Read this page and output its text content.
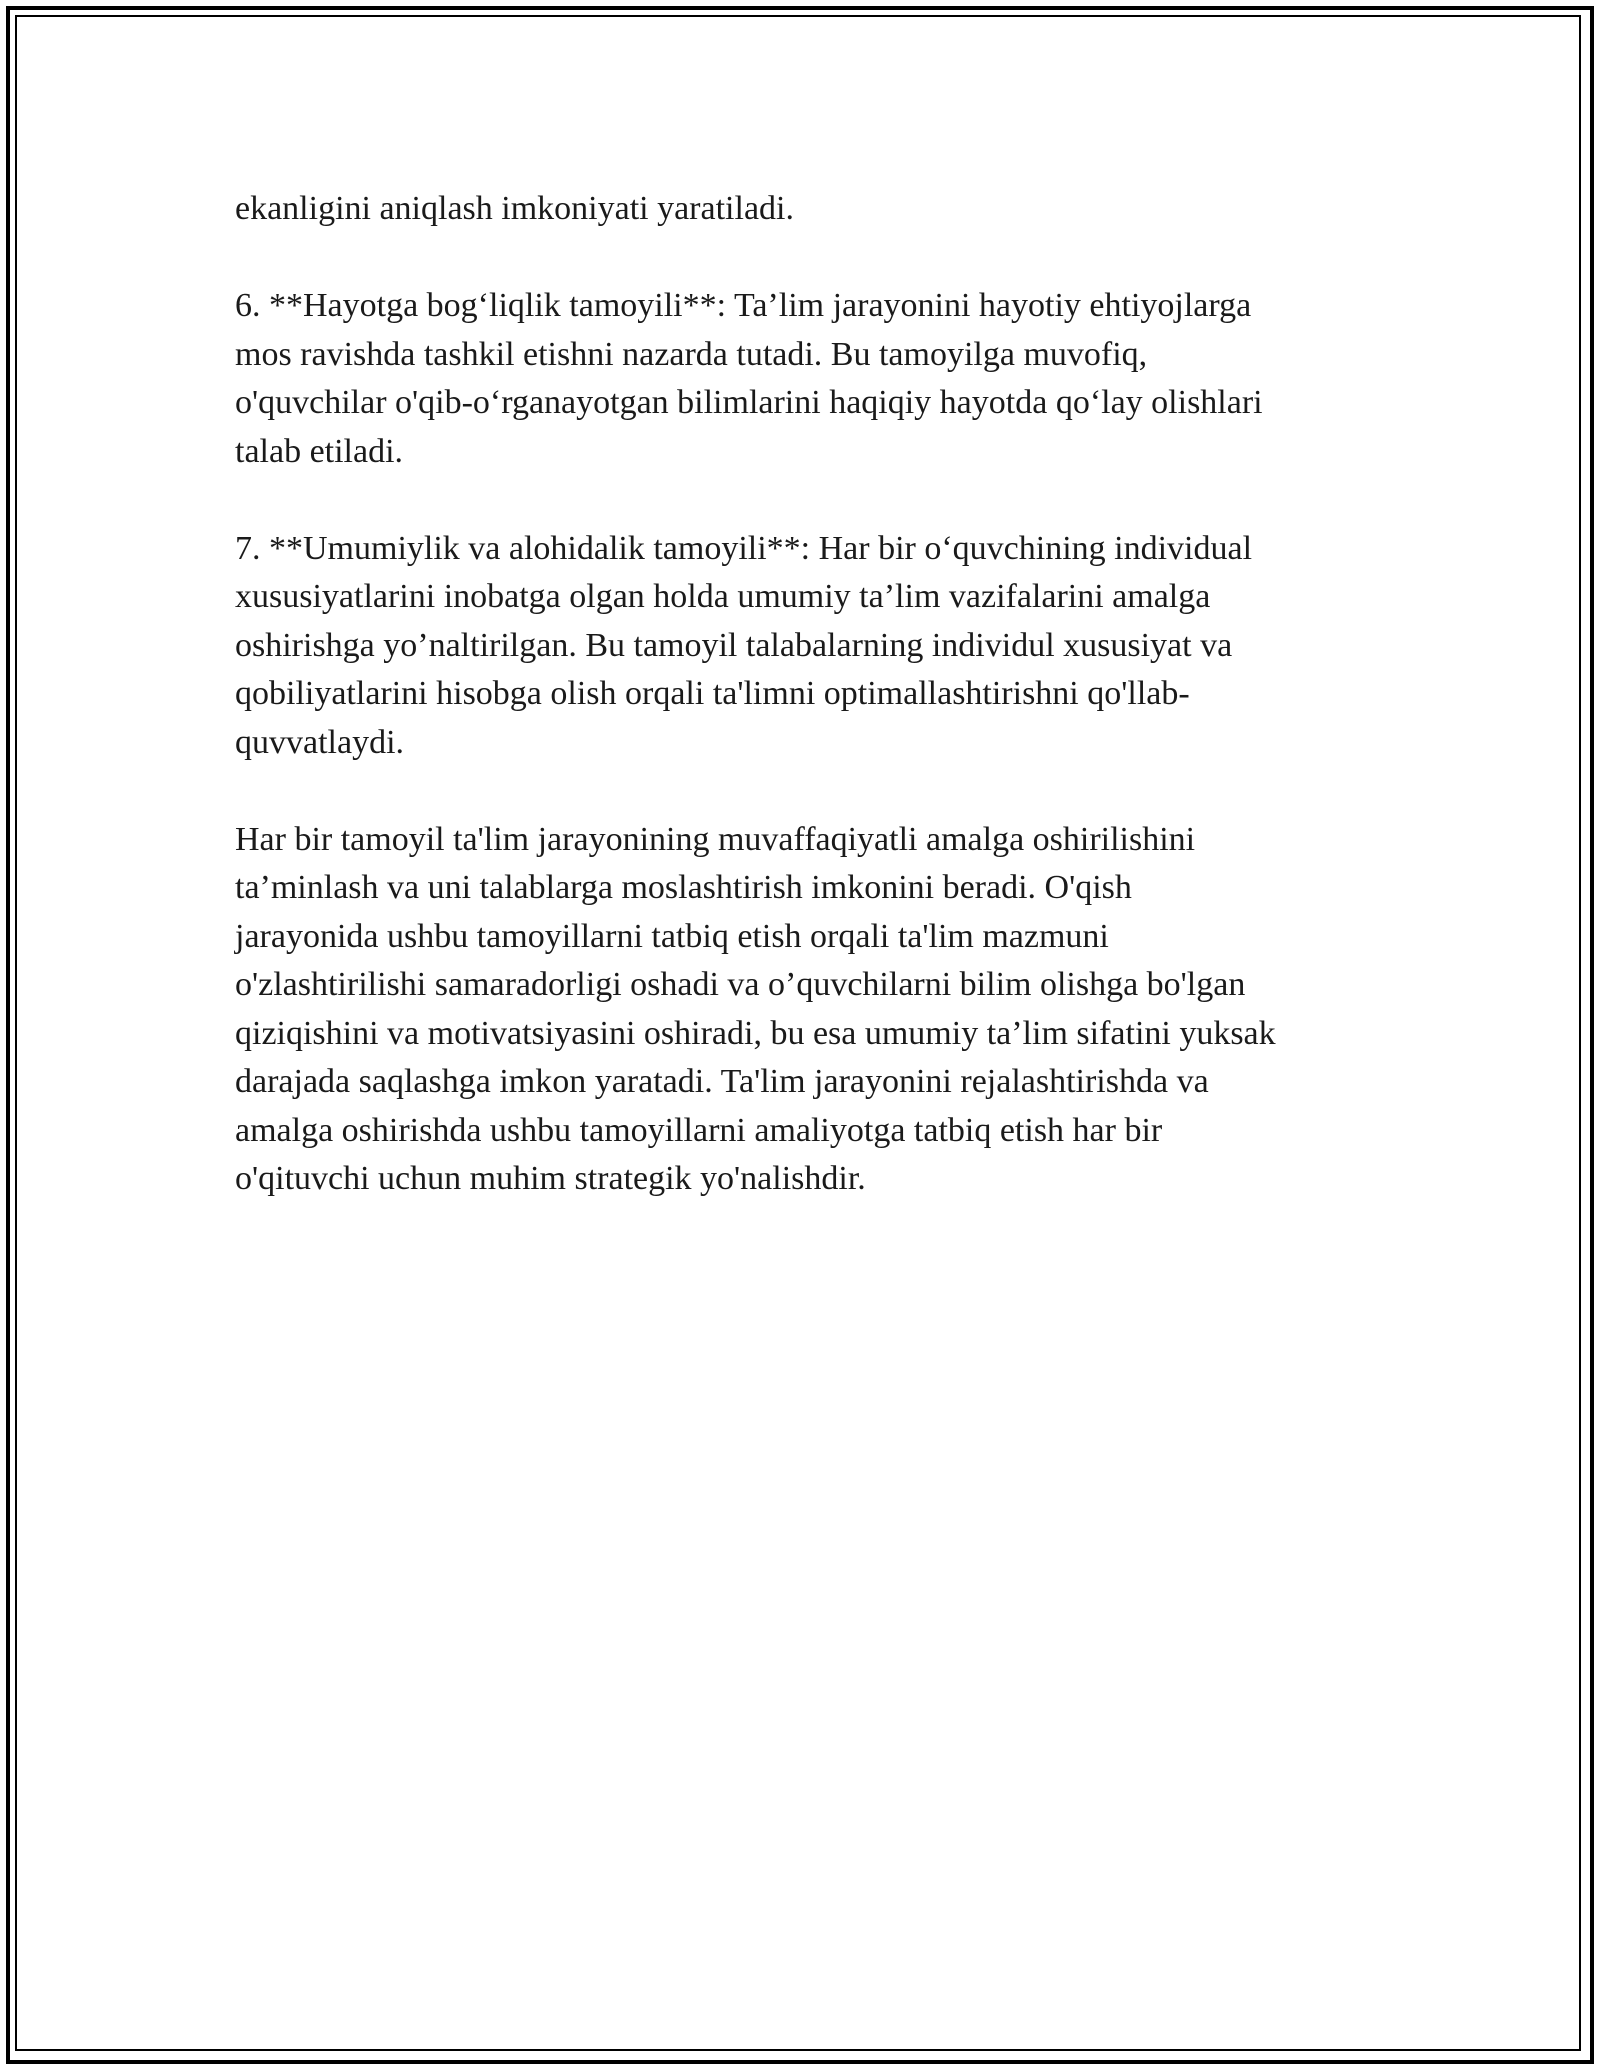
ekanligini aniqlash imkoniyati yaratiladi.
6. **Hayotga bog‘liqlik tamoyili**: Ta’lim jarayonini hayotiy ehtiyojlarga
mos ravishda tashkil etishni nazarda tutadi. Bu tamoyilga muvofiq,
o'quvchilar o'qib-o‘rganayotgan bilimlarini haqiqiy hayotda qo‘lay olishlari
talab etiladi.
7. **Umumiylik va alohidalik tamoyili**: Har bir o‘quvchining individual
xususiyatlarini inobatga olgan holda umumiy ta’lim vazifalarini amalga
oshirishga yo’naltirilgan. Bu tamoyil talabalarning individul xususiyat va
qobiliyatlarini hisobga olish orqali ta'limni optimallashtirishni qo'llab-
quvvatlaydi.
Har bir tamoyil ta'lim jarayonining muvaffaqiyatli amalga oshirilishini
ta’minlash va uni talablarga moslashtirish imkonini beradi. O'qish
jarayonida ushbu tamoyillarni tatbiq etish orqali ta'lim mazmuni
o'zlashtirilishi samaradorligi oshadi va o’quvchilarni bilim olishga bo'lgan
qiziqishini va motivatsiyasini oshiradi, bu esa umumiy ta’lim sifatini yuksak
darajada saqlashga imkon yaratadi. Ta'lim jarayonini rejalashtirishda va
amalga oshirishda ushbu tamoyillarni amaliyotga tatbiq etish har bir
o'qituvchi uchun muhim strategik yo'nalishdir.
